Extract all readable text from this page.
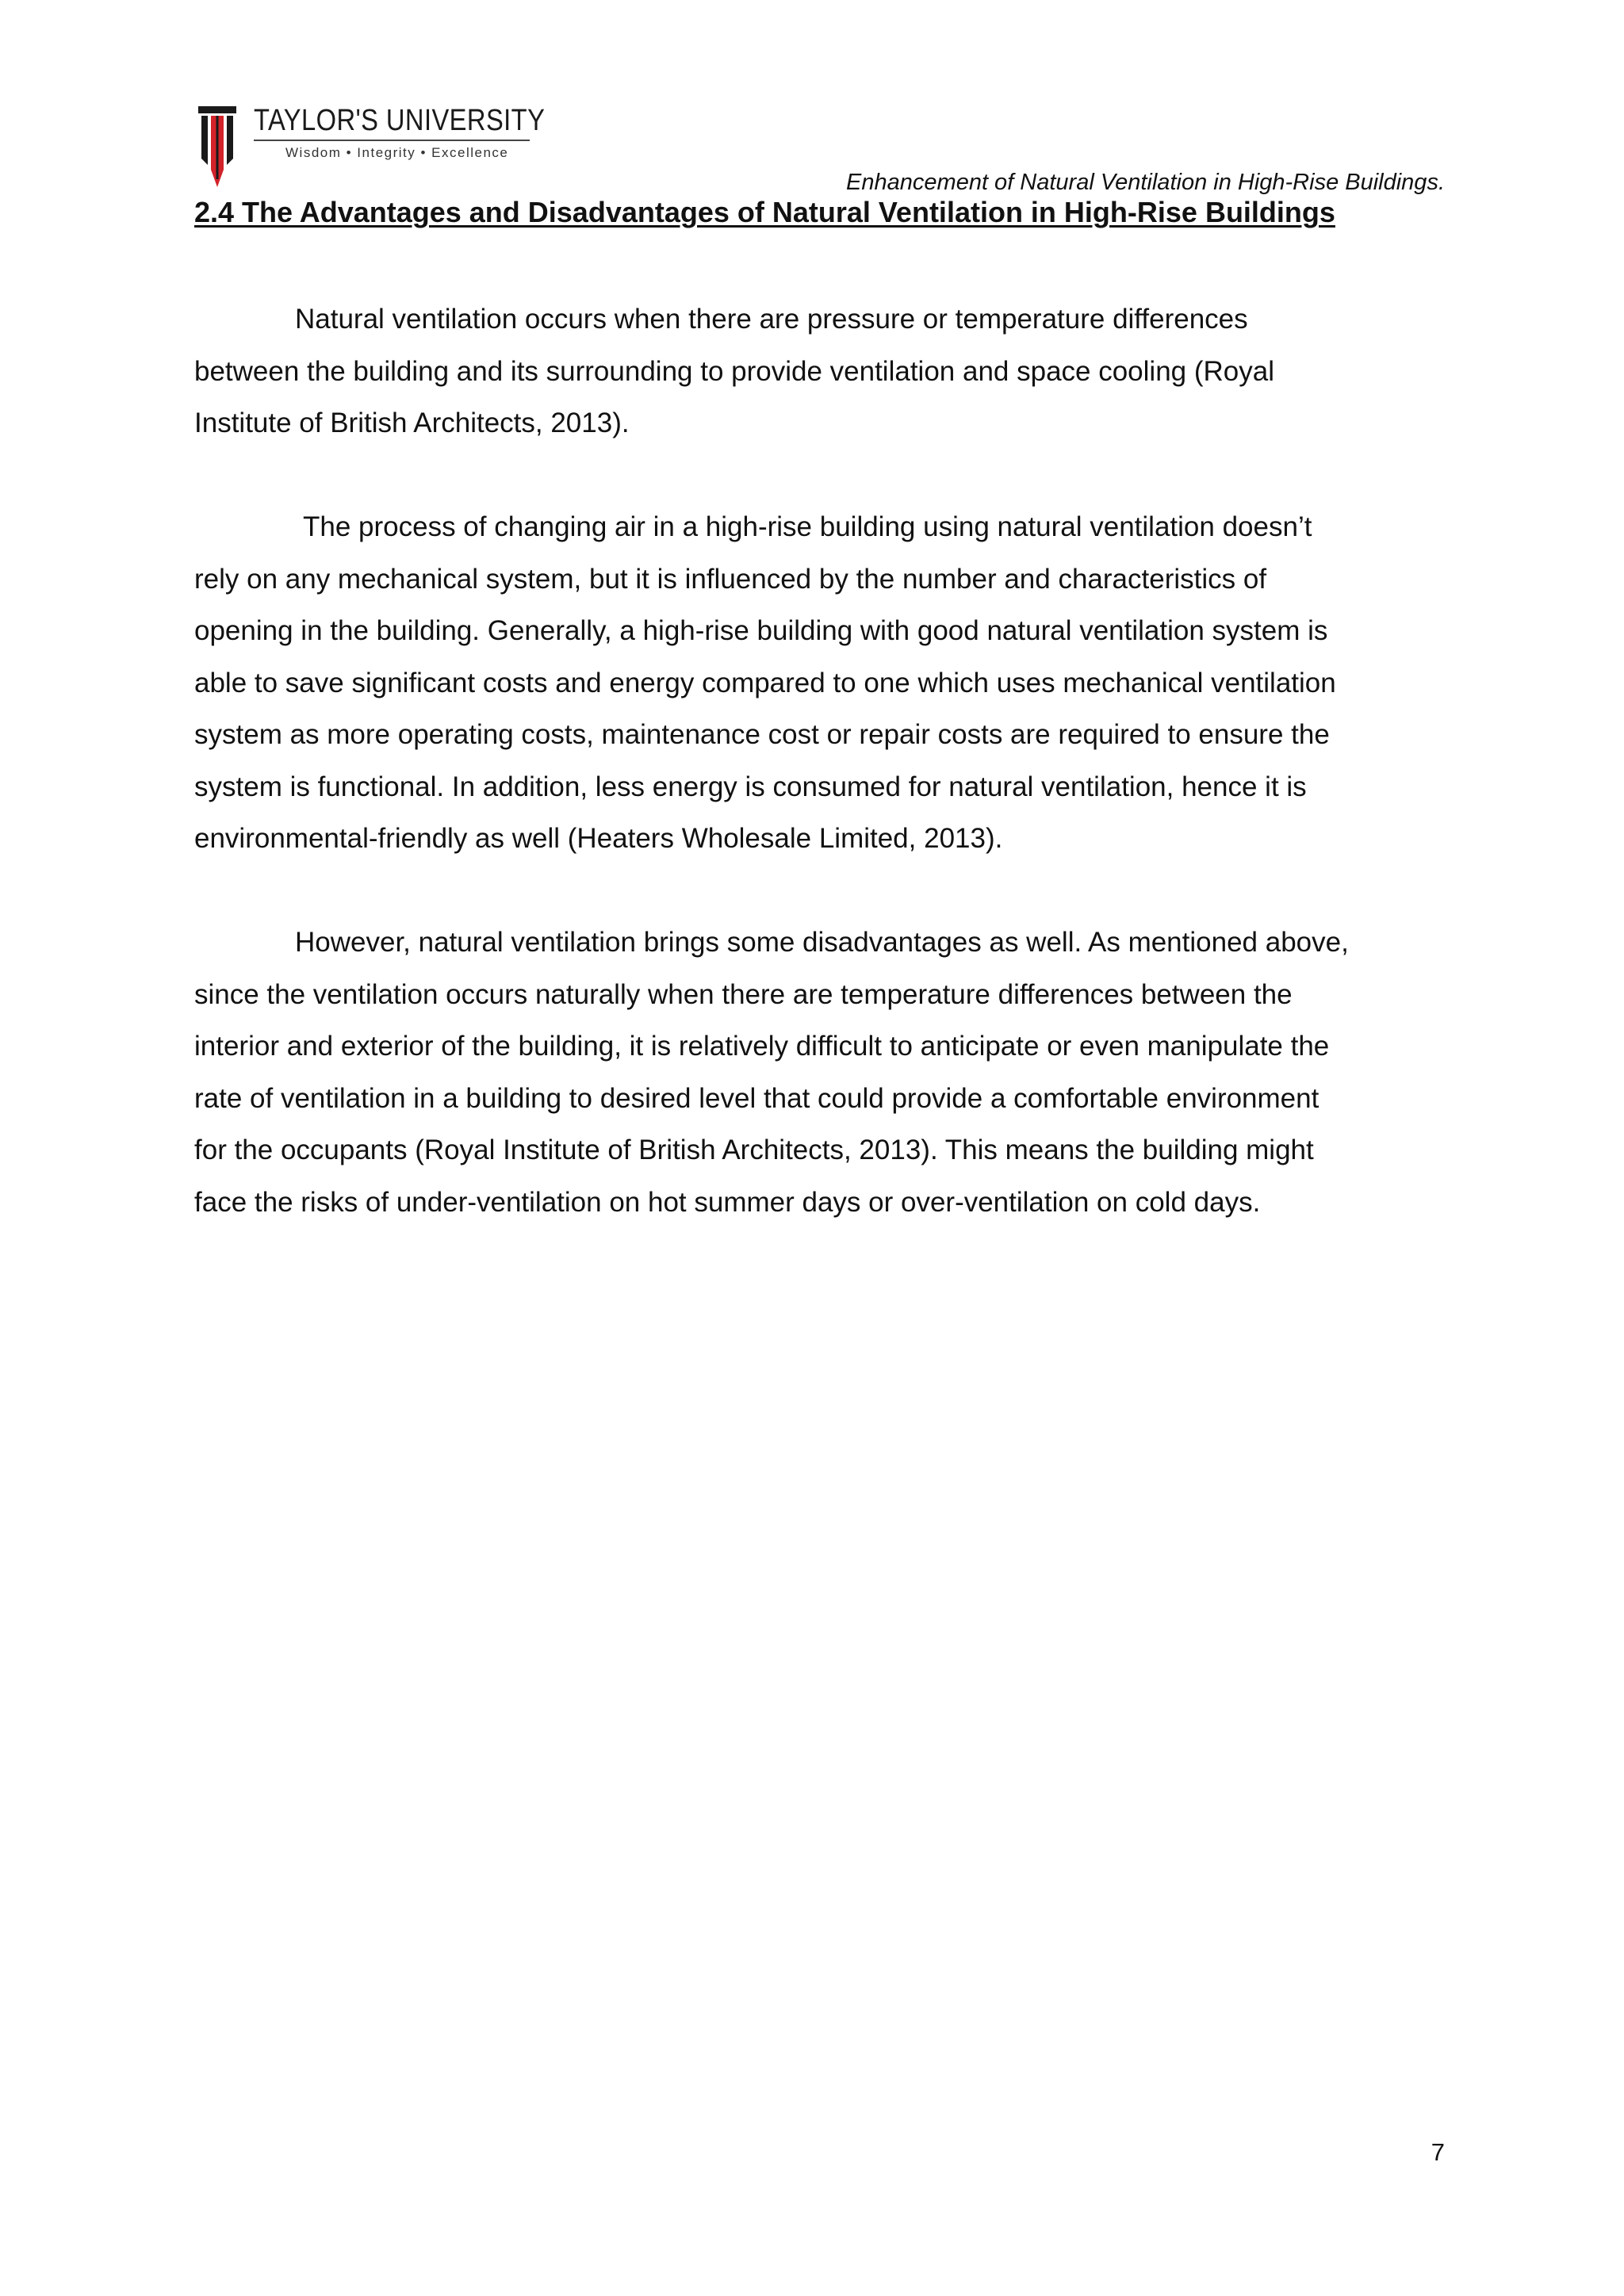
TAYLOR'S UNIVERSITY
Wisdom • Integrity • Excellence
Enhancement of Natural Ventilation in High-Rise Buildings.
2.4 The Advantages and Disadvantages of Natural Ventilation in High-Rise Buildings
Natural ventilation occurs when there are pressure or temperature differences
between the building and its surrounding to provide ventilation and space cooling (Royal
Institute of British Architects, 2013).
The process of changing air in a high-rise building using natural ventilation doesn’t
rely on any mechanical system, but it is influenced by the number and characteristics of
opening in the building. Generally, a high-rise building with good natural ventilation system is
able to save significant costs and energy compared to one which uses mechanical ventilation
system as more operating costs, maintenance cost or repair costs are required to ensure the
system is functional. In addition, less energy is consumed for natural ventilation, hence it is
environmental-friendly as well (Heaters Wholesale Limited, 2013).
However, natural ventilation brings some disadvantages as well. As mentioned above,
since the ventilation occurs naturally when there are temperature differences between the
interior and exterior of the building, it is relatively difficult to anticipate or even manipulate the
rate of ventilation in a building to desired level that could provide a comfortable environment
for the occupants (Royal Institute of British Architects, 2013). This means the building might
face the risks of under-ventilation on hot summer days or over-ventilation on cold days.
7
